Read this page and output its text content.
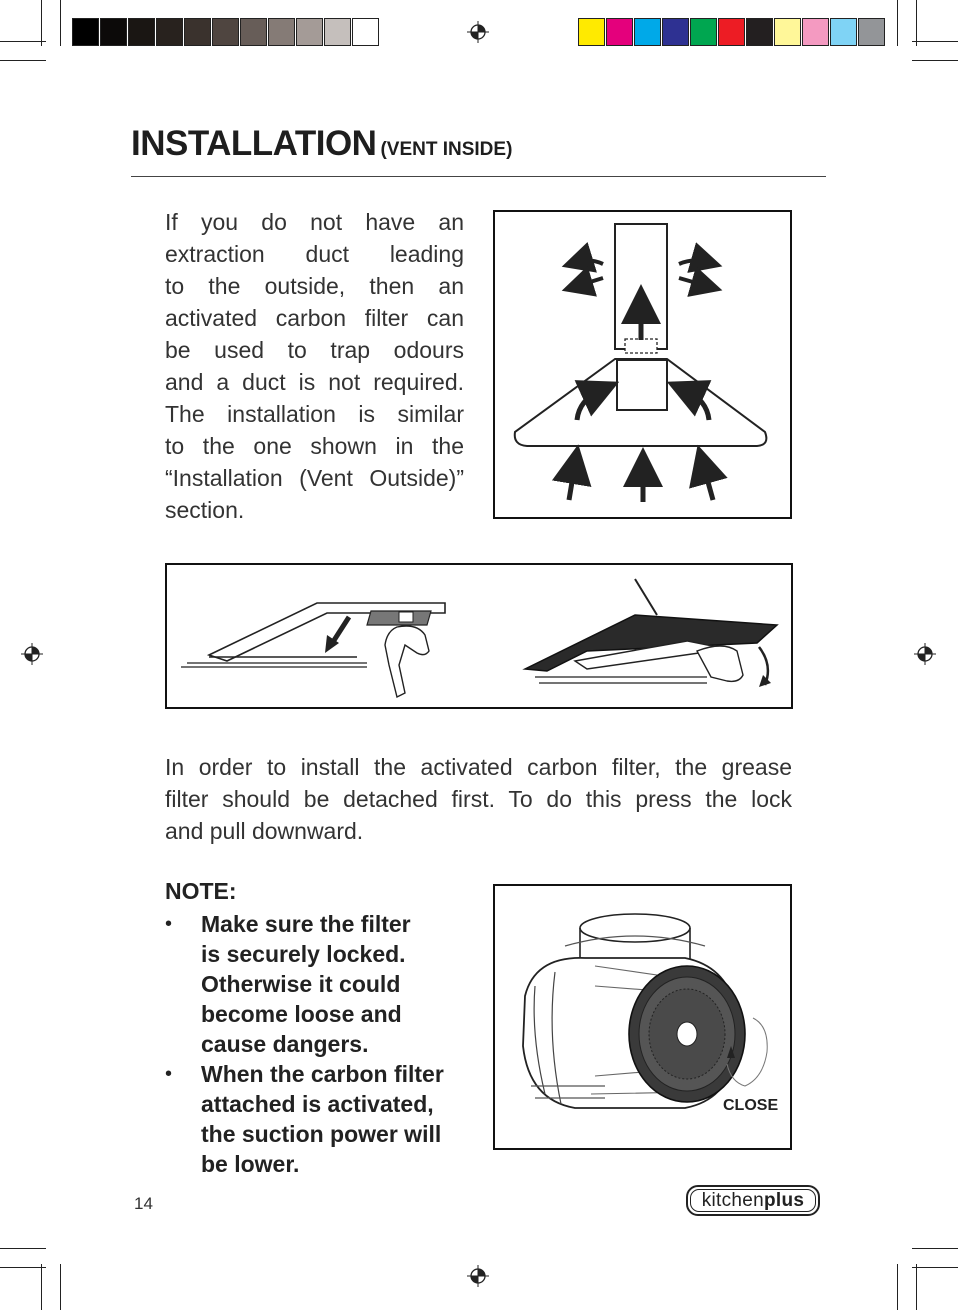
INSTALLATION (VENT INSIDE)
If you do not have an
extraction duct leading
to the outside, then an
activated carbon filter can
be used to trap odours
and a duct is not required.
The installation is similar
to the one shown in the
“Installation (Vent Outside)”
section.
In order to install the activated carbon filter, the grease
filter should be detached first. To do this press the lock
and pull downward.
NOTE:
• Make sure the filter
is securely locked.
Otherwise it could
become loose and
cause dangers.
• When the carbon filter
attached is activated,
the suction power will
be lower.
CLOSE
14	kitchen plus
